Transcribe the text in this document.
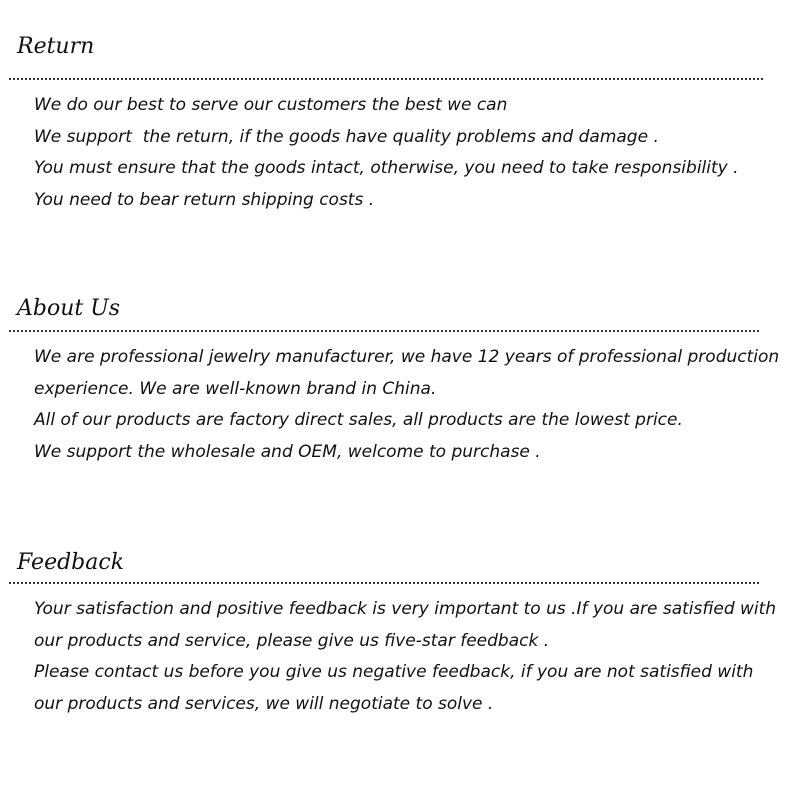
Return
We do our best to serve our customers the best we can
We support  the return, if the goods have quality problems and damage .
You must ensure that the goods intact, otherwise, you need to take responsibility .
You need to bear return shipping costs .
About Us
We are professional jewelry manufacturer, we have 12 years of professional production
experience. We are well-known brand in China.
All of our products are factory direct sales, all products are the lowest price.
We support the wholesale and OEM, welcome to purchase .
Feedback
Your satisfaction and positive feedback is very important to us .If you are satisfied with
our products and service, please give us five-star feedback .
Please contact us before you give us negative feedback, if you are not satisfied with
our products and services, we will negotiate to solve .
